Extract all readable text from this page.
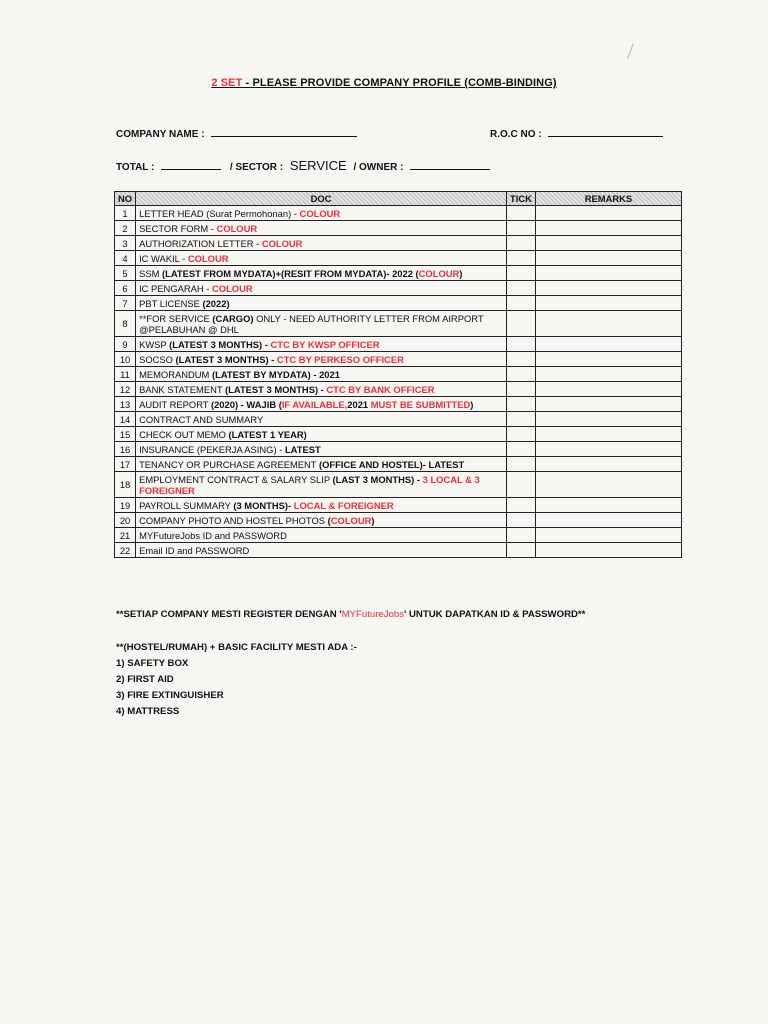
2 SET - PLEASE PROVIDE COMPANY PROFILE (COMB-BINDING)
COMPANY NAME :	R.O.C NO :
TOTAL :	/ SECTOR : SERVICE / OWNER :
NO	DOC	TICK	REMARKS
1	LETTER HEAD (Surat Permohonan) - COLOUR		
2	SECTOR FORM - COLOUR		
3	AUTHORIZATION LETTER - COLOUR		
4	IC WAKIL - COLOUR		
5	SSM (LATEST FROM MYDATA)+(RESIT FROM MYDATA)- 2022 (COLOUR)		
6	IC PENGARAH - COLOUR		
7	PBT LICENSE (2022)		
8	**FOR SERVICE (CARGO) ONLY - NEED AUTHORITY LETTER FROM AIRPORT @PELABUHAN @ DHL		
9	KWSP (LATEST 3 MONTHS) - CTC BY KWSP OFFICER		
10	SOCSO (LATEST 3 MONTHS) - CTC BY PERKESO OFFICER		
11	MEMORANDUM (LATEST BY MYDATA) - 2021		
12	BANK STATEMENT (LATEST 3 MONTHS) - CTC BY BANK OFFICER		
13	AUDIT REPORT (2020) - WAJIB (IF AVAILABLE,2021 MUST BE SUBMITTED)		
14	CONTRACT AND SUMMARY		
15	CHECK OUT MEMO (LATEST 1 YEAR)		
16	INSURANCE (PEKERJA ASING) - LATEST		
17	TENANCY OR PURCHASE AGREEMENT (OFFICE AND HOSTEL)- LATEST		
18	EMPLOYMENT CONTRACT & SALARY SLIP (LAST 3 MONTHS) - 3 LOCAL & 3 FOREIGNER		
19	PAYROLL SUMMARY (3 MONTHS)- LOCAL & FOREIGNER		
20	COMPANY PHOTO AND HOSTEL PHOTOS (COLOUR)		
21	MYFutureJobs ID and PASSWORD		
22	Email ID and PASSWORD		
**SETIAP COMPANY MESTI REGISTER DENGAN 'MYFutureJobs' UNTUK DAPATKAN ID & PASSWORD**
**(HOSTEL/RUMAH) + BASIC FACILITY MESTI ADA :-
1) SAFETY BOX
2) FIRST AID
3) FIRE EXTINGUISHER
4) MATTRESS
